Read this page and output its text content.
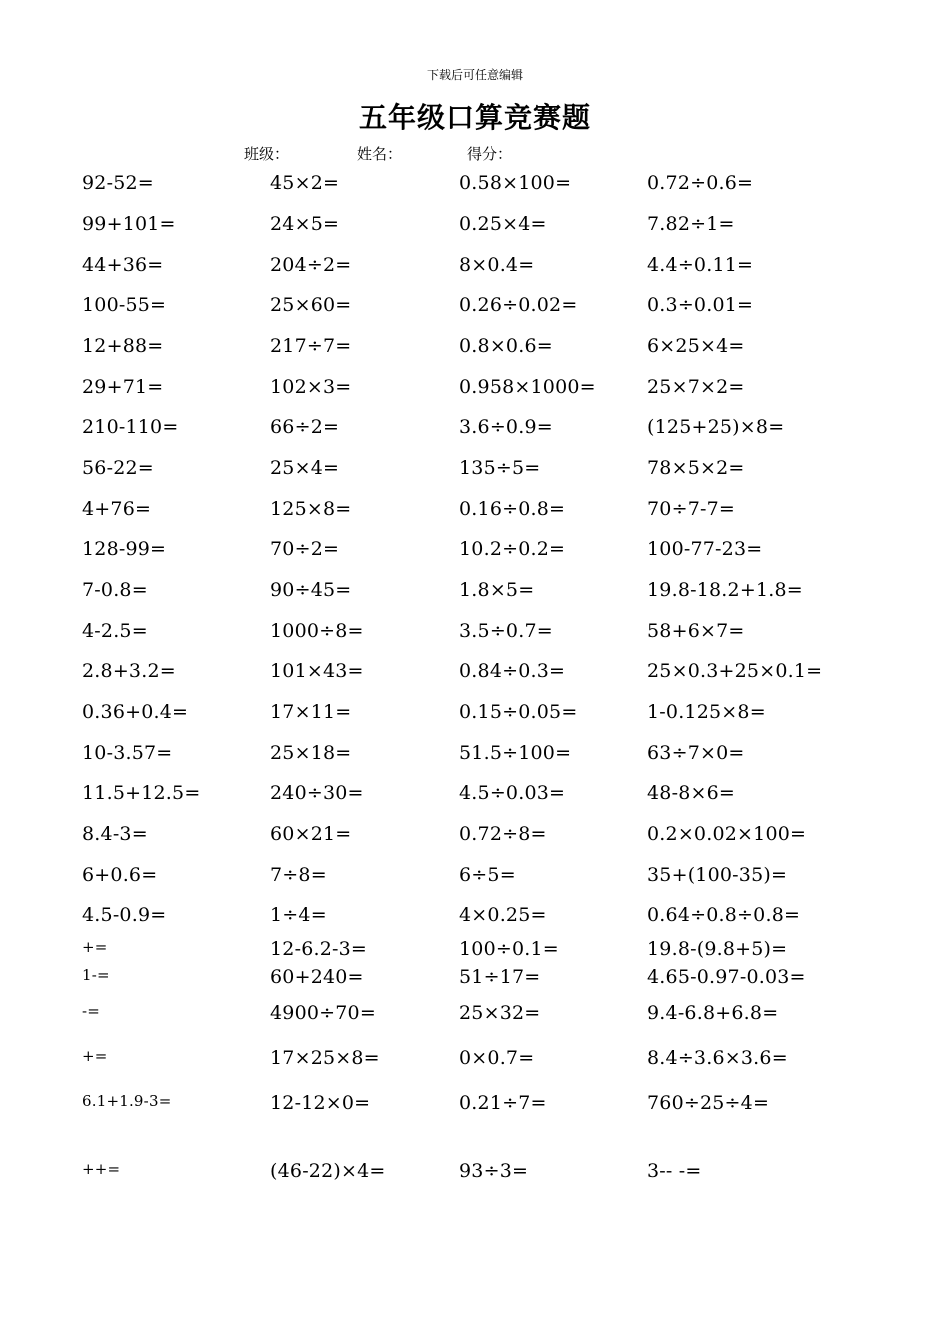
下载后可任意编辑
五年级口算竞赛题
班级：	姓名：	得分：
92-52=	45×2=	0.58×100=	0.72÷0.6=
99+101=	24×5=	0.25×4=	7.82÷1=
44+36=	204÷2=	8×0.4=	4.4÷0.11=
100-55=	25×60=	0.26÷0.02=	0.3÷0.01=
12+88=	217÷7=	0.8×0.6=	6×25×4=
29+71=	102×3=	0.958×1000=	25×7×2=
210-110=	66÷2=	3.6÷0.9=	(125+25)×8=
56-22=	25×4=	135÷5=	78×5×2=
4+76=	125×8=	0.16÷0.8=	70÷7-7=
128-99=	70÷2=	10.2÷0.2=	100-77-23=
7-0.8=	90÷45=	1.8×5=	19.8-18.2+1.8=
4-2.5=	1000÷8=	3.5÷0.7=	58+6×7=
2.8+3.2=	101×43=	0.84÷0.3=	25×0.3+25×0.1=
0.36+0.4=	17×11=	0.15÷0.05=	1-0.125×8=
10-3.57=	25×18=	51.5÷100=	63÷7×0=
11.5+12.5=	240÷30=	4.5÷0.03=	48-8×6=
8.4-3=	60×21=	0.72÷8=	0.2×0.02×100=
6+0.6=	7÷8=	6÷5=	35+(100-35)=
4.5-0.9=	1÷4=	4×0.25=	0.64÷0.8÷0.8=
+=	12-6.2-3=	100÷0.1=	19.8-(9.8+5)=
1-=	60+240=	51÷17=	4.65-0.97-0.03=
-=	4900÷70=	25×32=	9.4-6.8+6.8=
+=	17×25×8=	0×0.7=	8.4÷3.6×3.6=
6.1+1.9-3=	12-12×0=	0.21÷7=	760÷25÷4=
++=	(46-22)×4=	93÷3=	3-- -=
